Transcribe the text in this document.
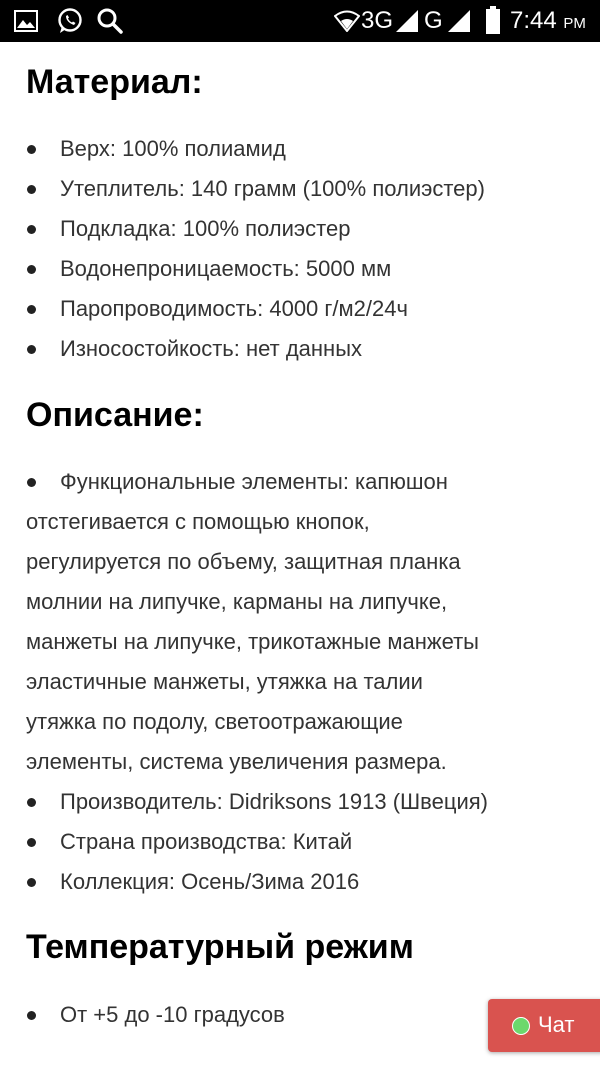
3G G	7:44 PM
Материал:
Верх: 100% полиамид
Утеплитель: 140 грамм (100% полиэстер)
Подкладка: 100% полиэстер
Водонепроницаемость: 5000 мм
Паропроводимость: 4000 г/м2/24ч
Износостойкость: нет данных
Описание:

Функциональные элементы: капюшон
отстегивается с помощью кнопок,
регулируется по объему, защитная планка
молнии на липучке, карманы на липучке,
манжеты на липучке, трикотажные манжеты
эластичные манжеты, утяжка на талии
утяжка по подолу, светоотражающие
элементы, система увеличения размера.

Производитель: Didriksons 1913 (Швеция)
Страна производства: Китай
Коллекция: Осень/Зима 2016
Температурный режим
От +5 до -10 градусов	Чат
